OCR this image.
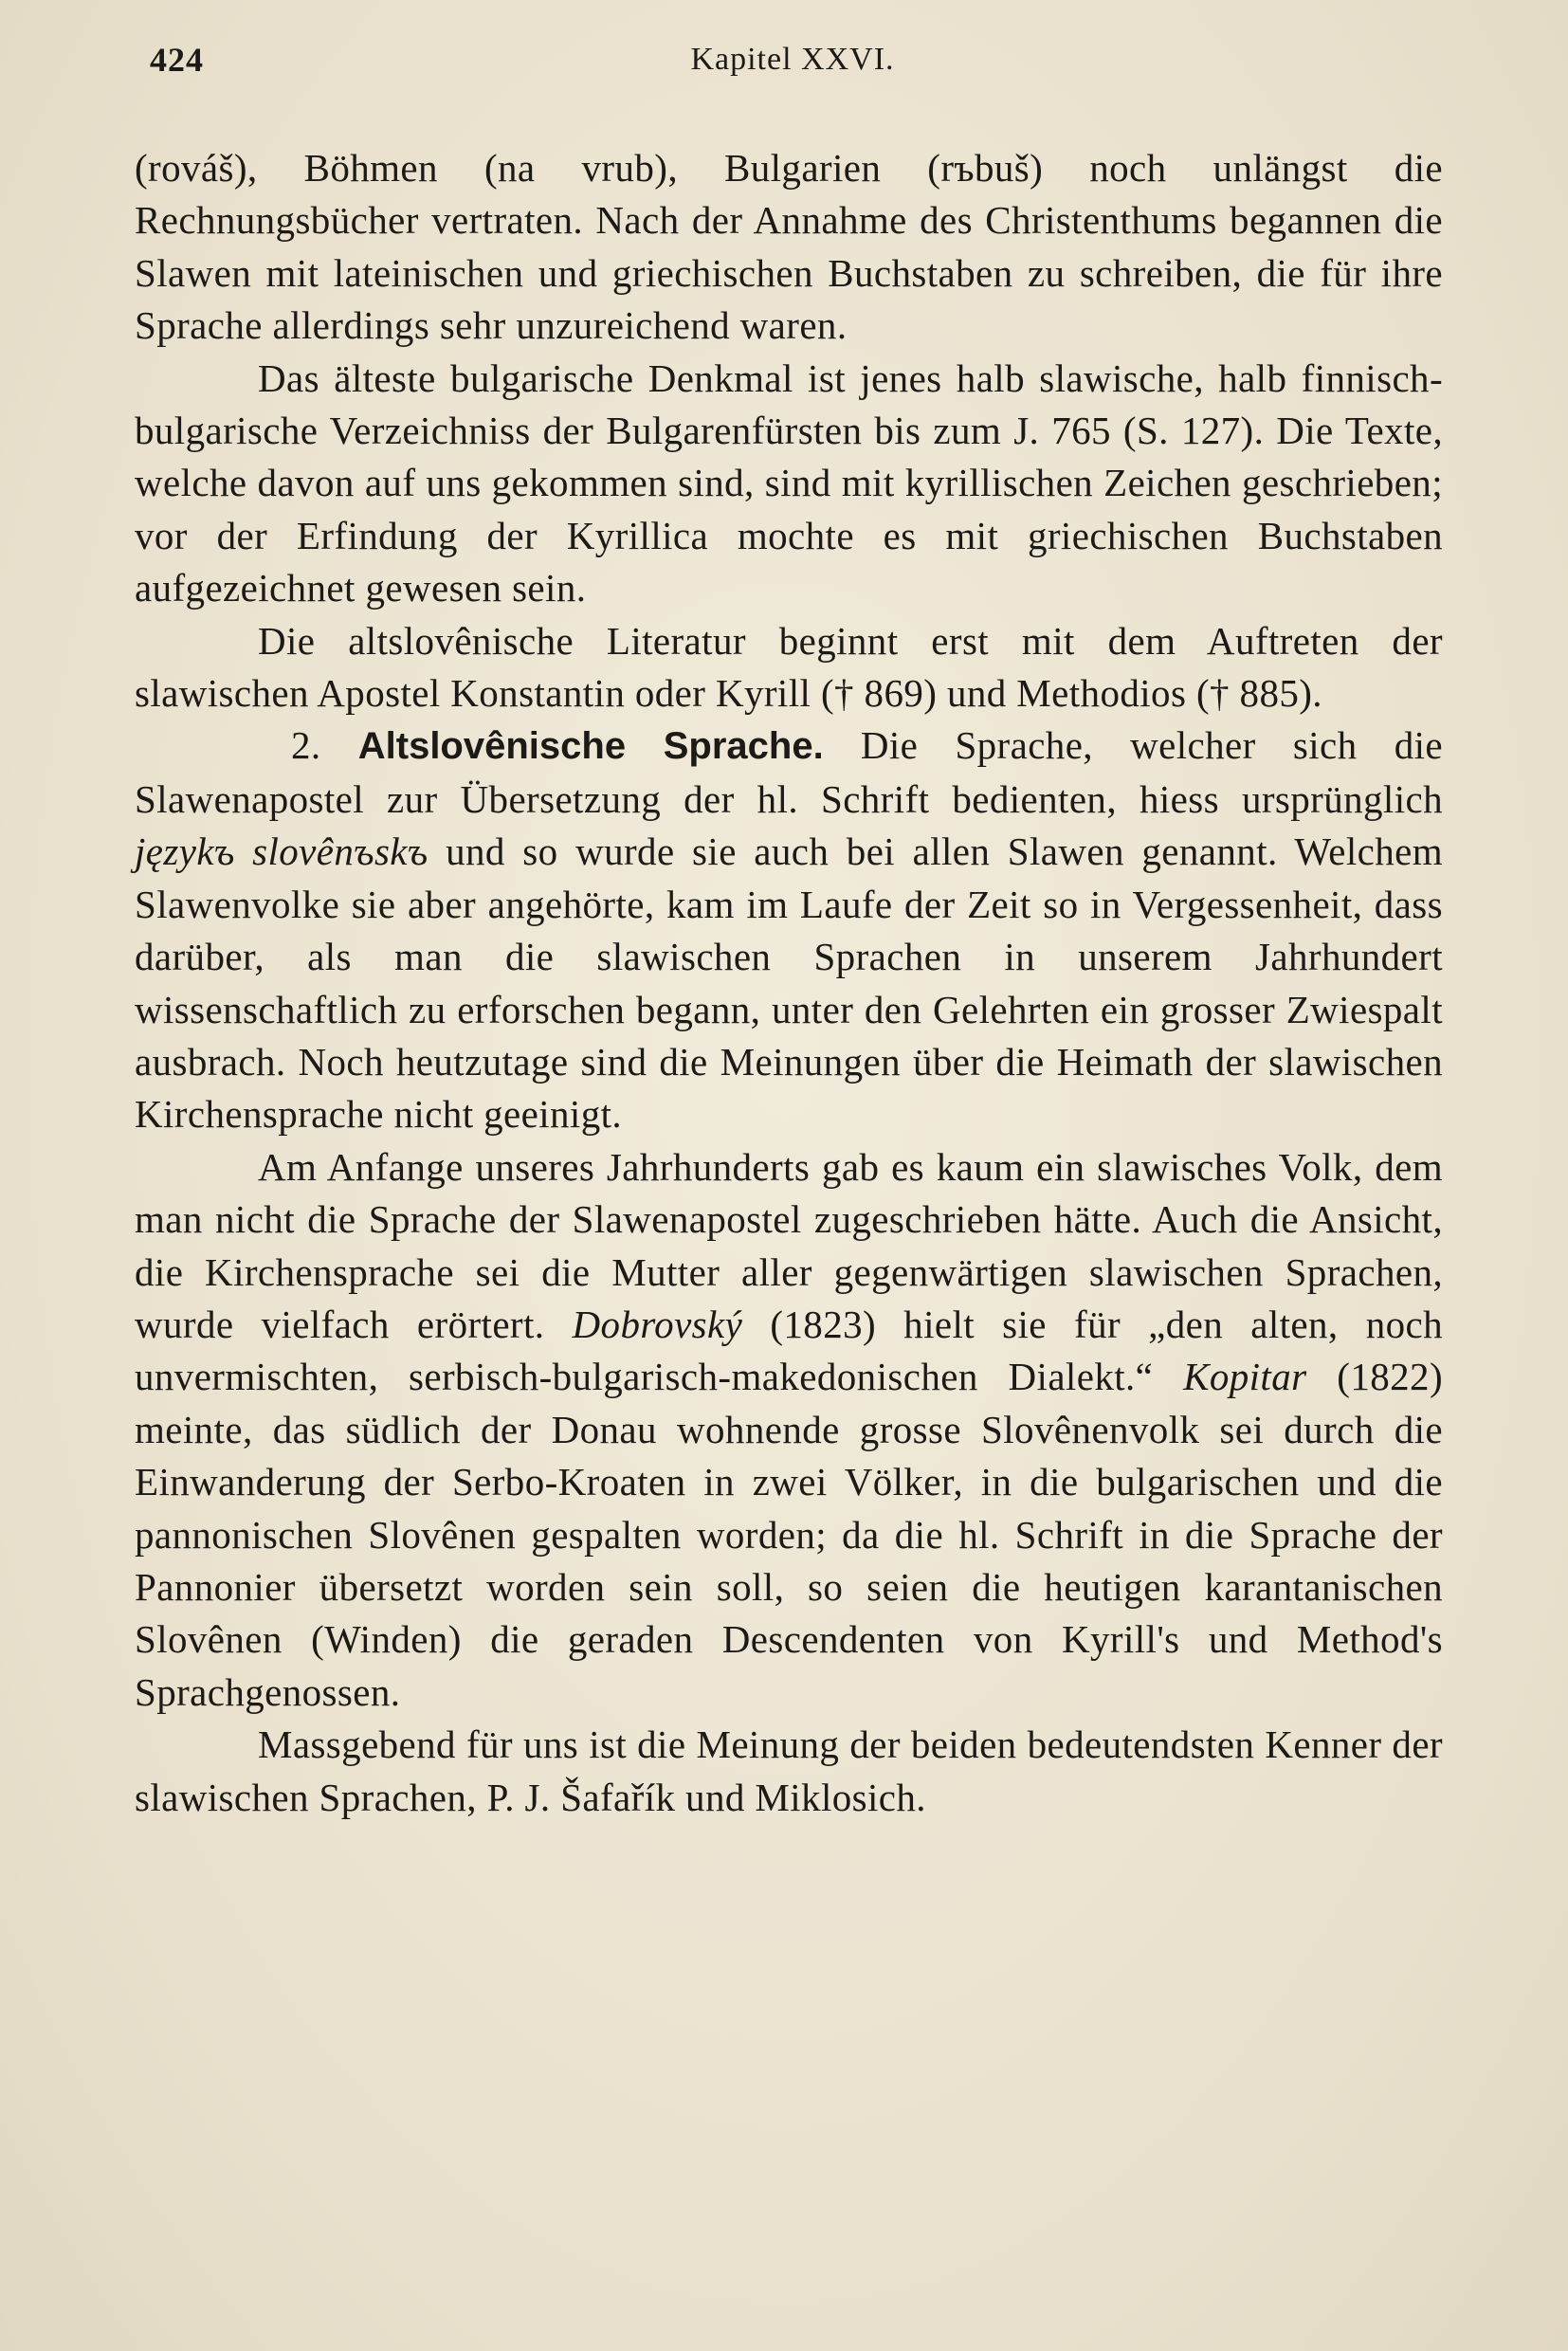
424	Kapitel XXVI.

(rováš), Böhmen (na vrub), Bulgarien (rъbuš) noch unlängst die Rechnungsbücher vertraten. Nach der Annahme des Christenthums begannen die Slawen mit lateinischen und griechischen Buchstaben zu schreiben, die für ihre Sprache allerdings sehr unzureichend waren.

Das älteste bulgarische Denkmal ist jenes halb slawische, halb finnisch-bulgarische Verzeichniss der Bulgarenfürsten bis zum J. 765 (S. 127). Die Texte, welche davon auf uns gekommen sind, sind mit kyrillischen Zeichen geschrieben; vor der Erfindung der Kyrillica mochte es mit griechischen Buchstaben aufgezeichnet gewesen sein.

Die altslovênische Literatur beginnt erst mit dem Auftreten der slawischen Apostel Konstantin oder Kyrill († 869) und Methodios († 885).

2. Altslovênische Sprache. Die Sprache, welcher sich die Slawenapostel zur Übersetzung der hl. Schrift bedienten, hiess ursprünglich językъ slovênъskъ und so wurde sie auch bei allen Slawen genannt. Welchem Slawenvolke sie aber angehörte, kam im Laufe der Zeit so in Vergessenheit, dass darüber, als man die slawischen Sprachen in unserem Jahrhundert wissenschaftlich zu erforschen begann, unter den Gelehrten ein grosser Zwiespalt ausbrach. Noch heutzutage sind die Meinungen über die Heimath der slawischen Kirchensprache nicht geeinigt.

Am Anfange unseres Jahrhunderts gab es kaum ein slawisches Volk, dem man nicht die Sprache der Slawenapostel zugeschrieben hätte. Auch die Ansicht, die Kirchensprache sei die Mutter aller gegenwärtigen slawischen Sprachen, wurde vielfach erörtert. Dobrovský (1823) hielt sie für „den alten, noch unvermischten, serbisch-bulgarisch-makedonischen Dialekt.“ Kopitar (1822) meinte, das südlich der Donau wohnende grosse Slovênenvolk sei durch die Einwanderung der Serbo-Kroaten in zwei Völker, in die bulgarischen und die pannonischen Slovênen gespalten worden; da die hl. Schrift in die Sprache der Pannonier übersetzt worden sein soll, so seien die heutigen karantanischen Slovênen (Winden) die geraden Descendenten von Kyrill's und Method's Sprachgenossen.

Massgebend für uns ist die Meinung der beiden bedeutendsten Kenner der slawischen Sprachen, P. J. Šafařík und Miklosich.
